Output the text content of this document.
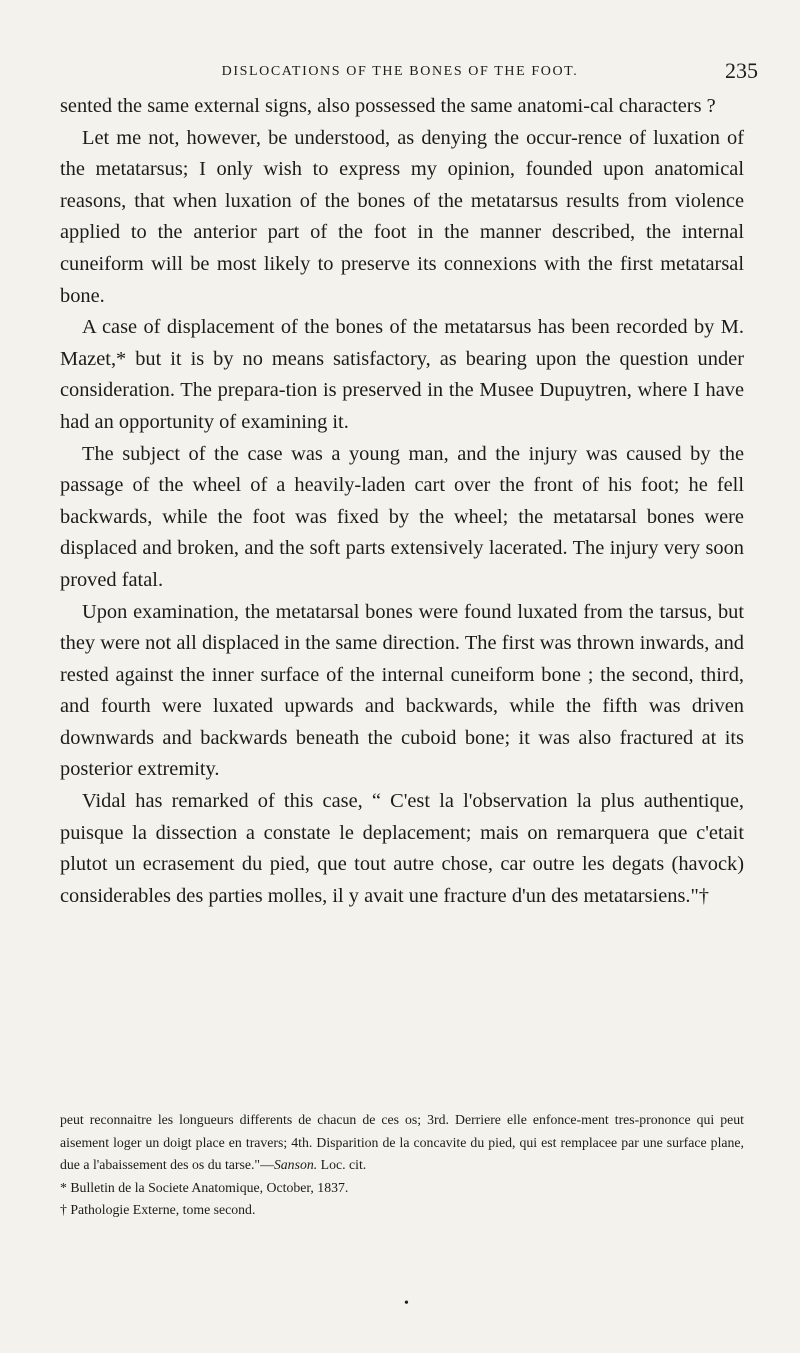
DISLOCATIONS OF THE BONES OF THE FOOT.	235

sented the same external signs, also possessed the same anatomi-cal characters ?

Let me not, however, be understood, as denying the occur-rence of luxation of the metatarsus; I only wish to express my opinion, founded upon anatomical reasons, that when luxation of the bones of the metatarsus results from violence applied to the anterior part of the foot in the manner described, the internal cuneiform will be most likely to preserve its connexions with the first metatarsal bone.

A case of displacement of the bones of the metatarsus has been recorded by M. Mazet,* but it is by no means satisfactory, as bearing upon the question under consideration. The prepara-tion is preserved in the Musee Dupuytren, where I have had an opportunity of examining it.

The subject of the case was a young man, and the injury was caused by the passage of the wheel of a heavily-laden cart over the front of his foot; he fell backwards, while the foot was fixed by the wheel; the metatarsal bones were displaced and broken, and the soft parts extensively lacerated. The injury very soon proved fatal.

Upon examination, the metatarsal bones were found luxated from the tarsus, but they were not all displaced in the same direction. The first was thrown inwards, and rested against the inner surface of the internal cuneiform bone ; the second, third, and fourth were luxated upwards and backwards, while the fifth was driven downwards and backwards beneath the cuboid bone; it was also fractured at its posterior extremity.

Vidal has remarked of this case, “ C'est la l'observation la plus authentique, puisque la dissection a constate le deplacement; mais on remarquera que c'etait plutot un ecrasement du pied, que tout autre chose, car outre les degats (havock) considerables des parties molles, il y avait une fracture d'un des metatarsiens."†

peut reconnaitre les longueurs differents de chacun de ces os; 3rd. Derriere elle enfonce-ment tres-prononce qui peut aisement loger un doigt place en travers; 4th. Disparition de la concavite du pied, qui est remplacee par une surface plane, due a l'abaissement des os du tarse."—Sanson. Loc. cit.

* Bulletin de la Societe Anatomique, October, 1837.

† Pathologie Externe, tome second.

•
